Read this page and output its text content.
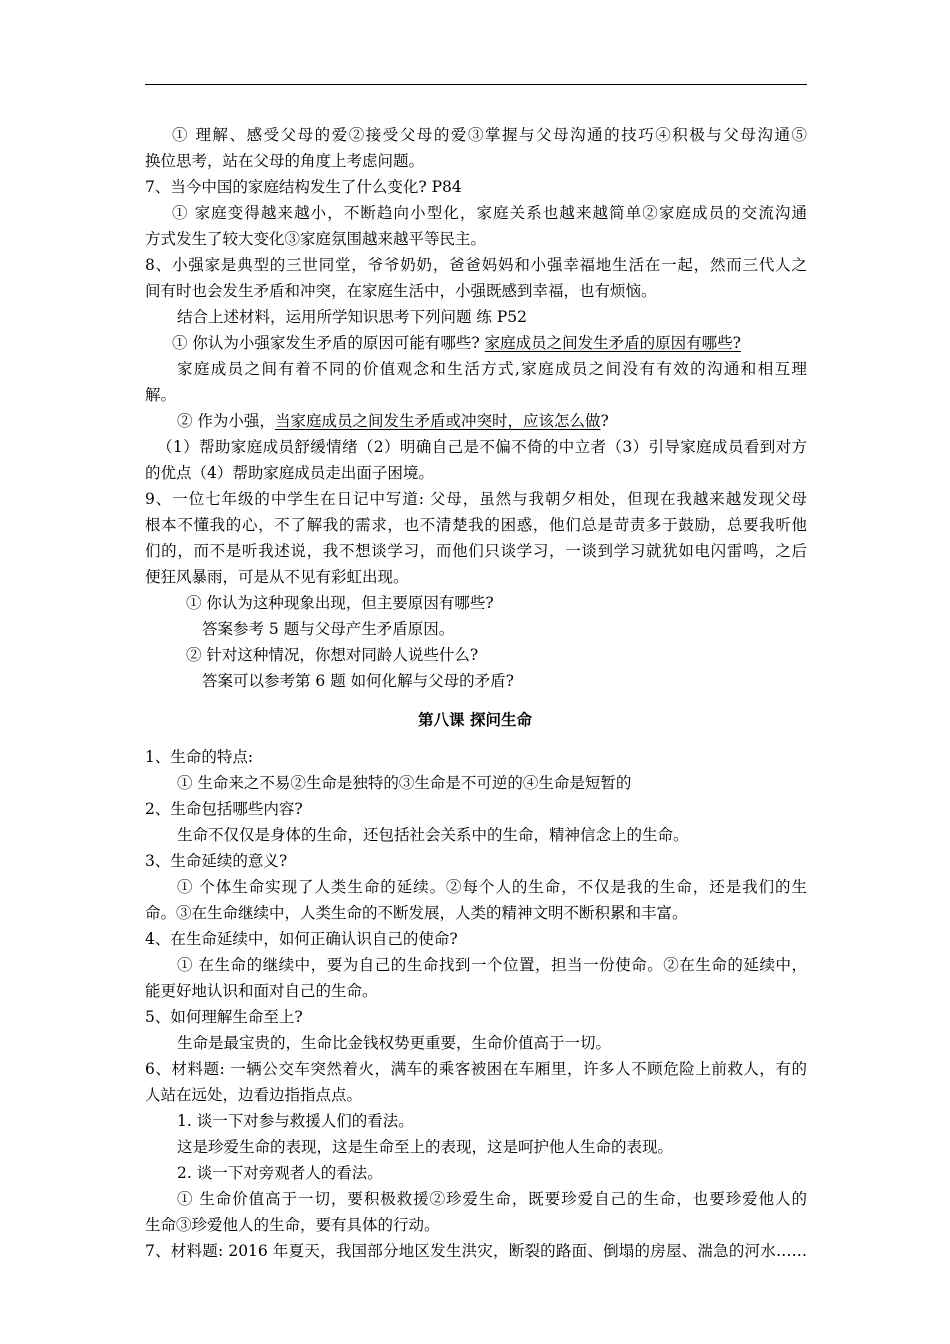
① 理解、感受父母的爱②接受父母的爱③掌握与父母沟通的技巧④积极与父母沟通⑤
换位思考，站在父母的角度上考虑问题。
7、当今中国的家庭结构发生了什么变化? P84
① 家庭变得越来越小，不断趋向小型化，家庭关系也越来越简单②家庭成员的交流沟通
方式发生了较大变化③家庭氛围越来越平等民主。
8、小强家是典型的三世同堂，爷爷奶奶，爸爸妈妈和小强幸福地生活在一起，然而三代人之
间有时也会发生矛盾和冲突，在家庭生活中，小强既感到幸福，也有烦恼。
结合上述材料，运用所学知识思考下列问题 练 P52
① 你认为小强家发生矛盾的原因可能有哪些? 家庭成员之间发生矛盾的原因有哪些?
家庭成员之间有着不同的价值观念和生活方式,家庭成员之间没有有效的沟通和相互理
解。
② 作为小强，当家庭成员之间发生矛盾或冲突时，应该怎么做?
（1）帮助家庭成员舒缓情绪（2）明确自己是不偏不倚的中立者（3）引导家庭成员看到对方
的优点（4）帮助家庭成员走出面子困境。
9、一位七年级的中学生在日记中写道: 父母，虽然与我朝夕相处，但现在我越来越发现父母
根本不懂我的心，不了解我的需求，也不清楚我的困惑，他们总是苛责多于鼓励，总要我听他
们的，而不是听我述说，我不想谈学习，而他们只谈学习，一谈到学习就犹如电闪雷鸣，之后
便狂风暴雨，可是从不见有彩虹出现。
① 你认为这种现象出现，但主要原因有哪些?
答案参考 5 题与父母产生矛盾原因。
② 针对这种情况，你想对同龄人说些什么?
答案可以参考第 6 题 如何化解与父母的矛盾?
第八课 探问生命
1、生命的特点:
① 生命来之不易②生命是独特的③生命是不可逆的④生命是短暂的
2、生命包括哪些内容?
生命不仅仅是身体的生命，还包括社会关系中的生命，精神信念上的生命。
3、生命延续的意义?
① 个体生命实现了人类生命的延续。②每个人的生命，不仅是我的生命，还是我们的生
命。③在生命继续中，人类生命的不断发展，人类的精神文明不断积累和丰富。
4、在生命延续中，如何正确认识自己的使命?
① 在生命的继续中，要为自己的生命找到一个位置，担当一份使命。②在生命的延续中，
能更好地认识和面对自己的生命。
5、如何理解生命至上?
生命是最宝贵的，生命比金钱权势更重要，生命价值高于一切。
6、材料题: 一辆公交车突然着火，满车的乘客被困在车厢里，许多人不顾危险上前救人，有的
人站在远处，边看边指指点点。
1. 谈一下对参与救援人们的看法。
这是珍爱生命的表现，这是生命至上的表现，这是呵护他人生命的表现。
2. 谈一下对旁观者人的看法。
① 生命价值高于一切，要积极救援②珍爱生命，既要珍爱自己的生命，也要珍爱他人的
生命③珍爱他人的生命，要有具体的行动。
7、材料题: 2016 年夏天，我国部分地区发生洪灾，断裂的路面、倒塌的房屋、湍急的河水……
